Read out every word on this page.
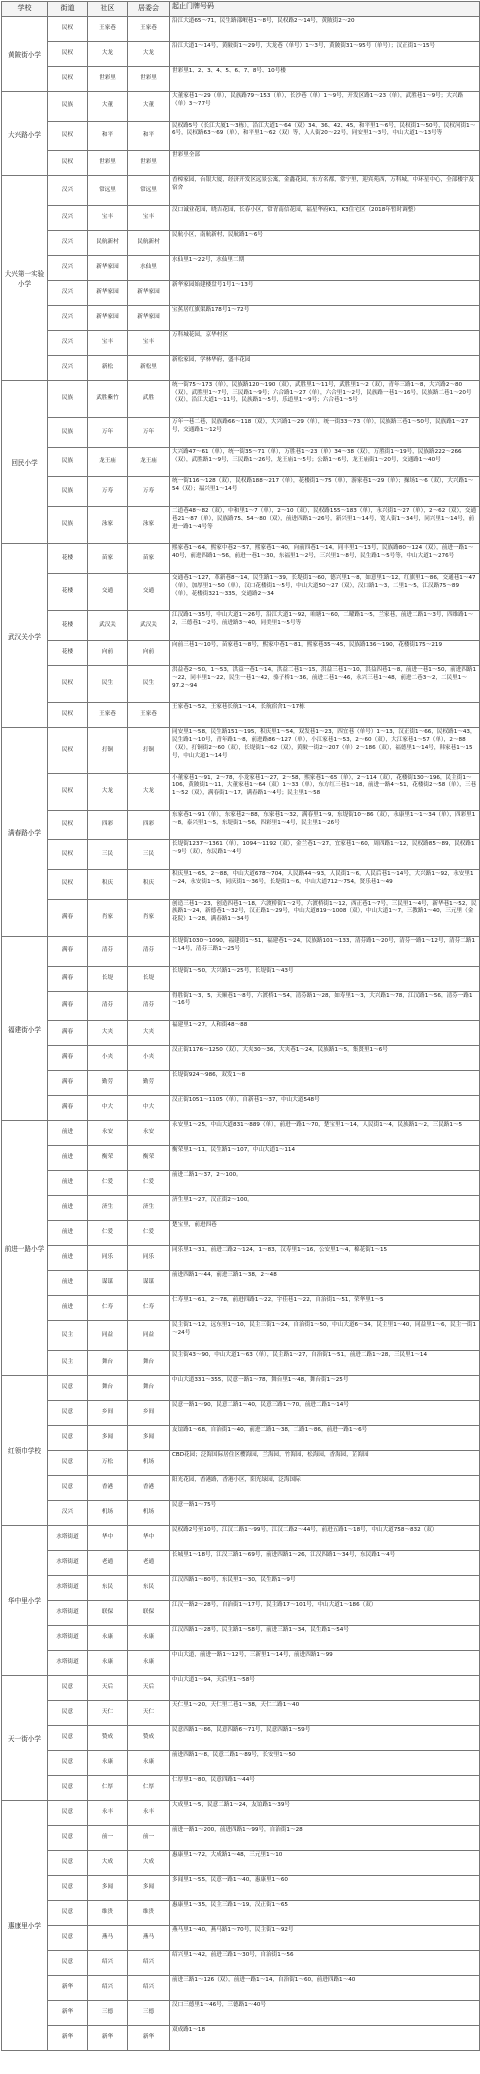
学校	街道	社区	居委会	起止门牌号码
黄陂街小学
民权	王家巷	王家巷
沿江大道65～71，民生路邵岷巷1～8号，民权路2～14号，黄陂街2～20
民权	大龙	大龙
沿江大道1～14号，黄陂街1～29号，大龙巷（单号）1～3号，黄陂街31～95号（单号）；汉正街1～15号
民权	世彩里	世彩里
世彩里1、2、3、4、5、6、7、8号、10号楼
大兴路小学
民族	大董	大董
大董家巷1～29（单），民族路79～153（单），长沙巷（单）1～9号，开发区路1～23（单），武胜巷1～9号；大兴路（单）3～77号
民权	和平	和平
民权路5号（长江大厦1～3栋），沿江大道1～64（双）34、36、42、45，和平里1～6号，民权街1～50号，民权河街1～6号，民权路63～69（单），和平里1～62（双）等，人人街20～22号，同安里1～3号，中山大道1～13号等
民权	世彩里	世彩里
世彩里全部
大兴第一实验小学
汉兴	常远里	常远里
香樟家园，台银大厦，经济开发区远景公寓，金鑫花园，东方名都，常宁里，迎宾苑西，万科城，中环星中心，全部楼宇及宿舍
汉兴	宝丰	宝丰
汉口诚业花园，晓吉花园，长春小区，常青南信花园，福星华府K1，K3住宅区（2018年暂时调整）
汉兴	民航新村	民航新村
民航小区，南航新村，民航路1～6号
汉兴	新华家园	水仙里
水仙里1～22号，水仙里二期
汉兴	新华家园	新华家园
新华家园始建楼盘号1号1～13号
汉兴	新华家园	新华家园
宝蕉居红旗渠路178号1～72号
汉兴	宝丰	宝丰
万科城花园，京华村区
汉兴	新松	新松里
新松家园，学林华府，盛丰花园
回民小学
民族	武胜紫竹	武胜
统一街75～173（单），民族路120～190（双），武胜里1～11号，武胜里1～2（双），青年三路1～8，大兴路2～80（双），武胜里1～7号，三民路1～9号；六合路1～27（单），六合里1～2号，民族路一巷1～16号，民族路二巷1～20号（双），沿江大道1～11号，民族路1～5号，乐道里1～9号；六合巷1～5号
民族	万年	万年
万年一巷二巷，民族路66～118（双），大兴路1～29（单），统一街33～73（单），民族路三巷1～50号，民族路1～27号，交通路1～12号
民族	龙王庙	龙王庙
大兴路47～61（单），统一街35～71（单），万胜巷1～23（单）34～38（双），万胜街1～19号，民族路222～266（双），武胜路1～9号，三民路1～26号，龙王庙1～5号；公路1～6号，龙王庙街1～20号，交通路1～40号
民族	万寿	万寿
统一街116～128（双），民权路188～217（单），花楼街1～75（单），游家巷1～29（单）；操场1～6（双），大兴路1～54（双）；福兴里1～14号
民族	泳家	泳家
二道巷48～82（双），中和里1～7（单），2～10（双），民权路155～183（单），永兴街1～27（单），2～62（双），交通巷21～87（单），民族路75、54～80（双），前进四路1～26号，新兴里1～14号，宽人街1～34号，同兴里1～14号，前进一路1～4号等
武汉关小学
花楼	苗家	苗家
熙家巷1～64，熙家中巷2～57，熙家巷1～40，向前四巷1～14，同丰里1～13号，民族路80～124（双），前进一路1～40号，前进四路1～56，前进一巷1～30，东福里1～2号，三兴里1～8号，民生路1～5号等，中山大道1～276号
花楼	交通	交通
交通巷1～127，革新巷8～14，民生路1～39，长堤街1～60，德兴里1～8，如意里1～12，红旗里1～86，交通巷1～47（单），加厚里1～50（单），汉口花楼街1～5号，中山大道50～27（双），汉口路1～3，二里1～5，江汉路75～89（单），花楼街321～335，交通路2～34
花楼	武汉关	武汉关
江汉路1～35号，中山大道1～26号，沿江大道1～92，咱塘1～60，二曜路1～5，兰家巷，前进二路1～3号，四维路1～2，三德巷1～2号，前进路3～40，同美里1～5号等
花楼	向前	向前
向前三巷1～10号，苗家巷1～8号，熙家中巷1～81，熙家巷35～45，民族路136～190，花楼街175～219
民权	民生	民生
洪益巷2～50，1～53，洪益一巷1～14，洪益二巷1～15，洪益三巷1～10，洪益四巷1～8，前进一巷1～50，前进四路1～22，同丰里1～22，民生一巷1～42，骆子桥1～36，前进二巷1～46，永兴三巷1～48，前进二巷3～2，二民里1～97.2～94
民权	王家巷	王家巷
王家巷1～52，王家巷长航1～14，长航宿舍1～17栋
满春路小学
民权	打铜	打铜
同安里1～58，民生路151～195，积庆里1～54，双发巷1～23，四宜巷（单号）1～13，汉正街1～66，民权路1～43，民生路1～10号，青年路1～8，前进路86～127（单），小江家巷1～53，2～60（双），大江家巷1～57（单），2～88（双），打铜街2～60（双），长堤街1～62（双），黄陂一街2～207（单）2～186（双），福德里1～14号，韩家巷1～15号，中山大道1～14号
民权	大龙	大龙
小董家巷1～91，2～78，小龙家巷1～27，2～58，熙家巷1～65（单），2～114（双），花楼街130～196，民主街1～106，黄陂街1～11，大董家巷1～64（双）1～33（单），东方红三巷1～18，前进一路4～51，花楼街2～58（单），三巷1～52（双），满春街1～17，满春路1～4号；民主里1～58
民权	四彩	四彩
东家巷1～91（单），东家巷2～88，东家巷1～32，满春里1～9，东堤街10～86（双），永康里1～1～34（单），四彩里1～8，泰兴里1～5，东堤街1～56，四彩里1～4号，民主里1～26号
民权	三民	三民
长堤街1237～1361（单），1094～1192（双），金兰巷1～27，宜家巷1～60，周四路1～12，民权路85～89，民权路1～9号（双），东民路1～4号
民权	积庆	积庆
积庆里1～65，2～88，中山大道678～704，人民路44～93，人民街1～6，人民后巷1～14号，大兴路1～92，永安里1～24，永安街1～5，同庆街1～36号，长堤街1～6，中山大道712～754，贤乐巷1～49
满春	肖家	肖家
创造三巷1～23，创造四巷1～18，六渡桥街1～2号，六渡桥街1～12，西正巷1～7号，三民里1～4号，新华巷1～52，民族路1～24，新德巷1～32号，汉正路1～29号，中山大道819～1008（双），中山大道1～7，三教路1～40，三元里（金花院）1～28，满春路1～34号
福建街小学
满春	清芬	清芬
长堤街1030～1090，福建街1～51，福建巷1～24，民族路101～133，清芬路1～20号，清芬一路1～12号，清芬二路1～14号，清芬三路1～25号
满春	长堤	长堤
长堤街1～50，大兴路1～25号，长堤街1～43号
满春	清芬	清芬
得胜街1～3，5，天顺巷1～8号，六渡桥1～54，清芬路1～28，如寿里1～3，大兴路1～78，江汉路1～56，清芬一路1～16号
满春	大夹	大夹
福建里1～27，人和街48～88
满春	小夹	小夹
汉正街1176～1250（双），大夹30～36，大夹巷1～24，民族路1～5，集贤里1～6号
满春	勤劳	勤劳
长堤街924～986，双发1～8
满春	中大	中大
汉正街1051～1105（单），自新巷1～37，中山大道548号
前进一路小学
前进	永安	永安
永安里1～25，中山大道831～889（单），前进一路1～70，楚宝里1～14，人民街1～4，民族路1～2，三民路1～5
前进	衡荣	衡荣
衡荣里1～11，民生路1～107，中山大道1～114
前进	仁爱	仁爱
前进二路1～37，2～100。
前进	济生	济生
济生里1～27，汉正街2～100。
前进	仁爱	仁爱
楚宝里，前进四巷
前进	同乐	同乐
同乐里1～31，前进二路2～124，1～83，汉寿里1～16，公安里1～4，棉花街1～15
前进	谋谋	谋谋
前进四路1～44，前进三路1～38，2～48
前进	仁寿	仁寿
仁寿里1～61，2～78，前进四路1～22，宇佳巷1～22，自治街1～51，荣华里1～5
民主	同益	同益
民主街1～12，远东里1～10，民主三街1～24，自治街1～50，中山大道6～34，民主里1～40，同益里1～6，民主一街1～24号
民主	舞台	舞台
民主街43～90，中山大道1～63（单），民主路1～27，自治街1～51，前进二路1～28，三民里1～14
红领巾学校
民意	舞台	舞台
中山大道331～355，民意一路1～78，舞台里1～48，舞台街1～25号
民意	乡间	乡间
民意一路1～90，民意二路1～40，民意三路1～70，前进二路1～14号
民意	多闻	多闻
友谊路1～68，自治街1～40，前进二路1～38，二路1～86，前进一路1～6号
民意	万松	机场
CBD花园；泛海国际居住区樱海园，兰海园，竹海园，松海园，香海园，芷海园
民意	香港	香港
阳光花园，香港路，香港小区，阳光绿园，泛海国际
汉兴	机场	机场
民意一路1～75号
华中里小学
水塔街道	华中	华中
民权路2号至10号，江汉二路1～99号，江汉二路2～44号，前进五路1～18号，中山大道758～832（双）
水塔街道	老通	老通
长城里1～18号，江汉三路1～69号，前进四路1～26，江汉四路1～34号，东民路1～4号
水塔街道	东民	东民
江汉四路1～80号，东民里1～30，民生路1～9号
水塔街道	联保	联保
江汉一路2～28号，自治街1～17号，民主路17～101号，中山大道1～186（双）
水塔街道	永康	永康
江汉四路1～28号，民主路1～58号，前进三路1～34，民生路1～54号
水塔街道	永康	永康
中山大道，前进一路1～12号，三新里1～14号，前进四路1～99
天一街小学
民意	天后	天后
中山大道1～94，天后里1～58号
民意	天仁	天仁
天仁里1～20，天仁里二巷1～38，天仁二路1～40
民意	赞成	赞成
民意四路1～86，民意四路6～71号，民意四路1～59号
民意	永康	永康
前进四路1～8，民意二路1～89号，长安里1～50
民意	仁厚	仁厚
仁厚里1～80，民意四路1～44号
惠康里小学
民意	永丰	永丰
大成里1～5，民意二路1～24，友谊路1～39号
民意	前一	前一
前进一路1～200，前进四路1～99号，自治街1～28
民意	大成	大成
惠康里1～72，大成路1～48，三元里1～10
民意	多闻	多闻
多闻里1～55，民意一路1～40，惠康里1～60
民意	维贵	维贵
惠康里1～35，民主三路1～19，汉正街1～65
民意	燕马	燕马
燕马里1～40，燕马路1～70号，民主街1～92号
民意	绍兴	绍兴
绍兴里1～42，前进三路1～30号，自治街1～56
新华	绍兴	绍兴
前进三路1～126（双），前进一路1～14，自治街1～60，前进四路1～40
新华	三德	三德
汉口三德里1～46号，三德路1～40号
新华	新华	新华
双成路1～18
